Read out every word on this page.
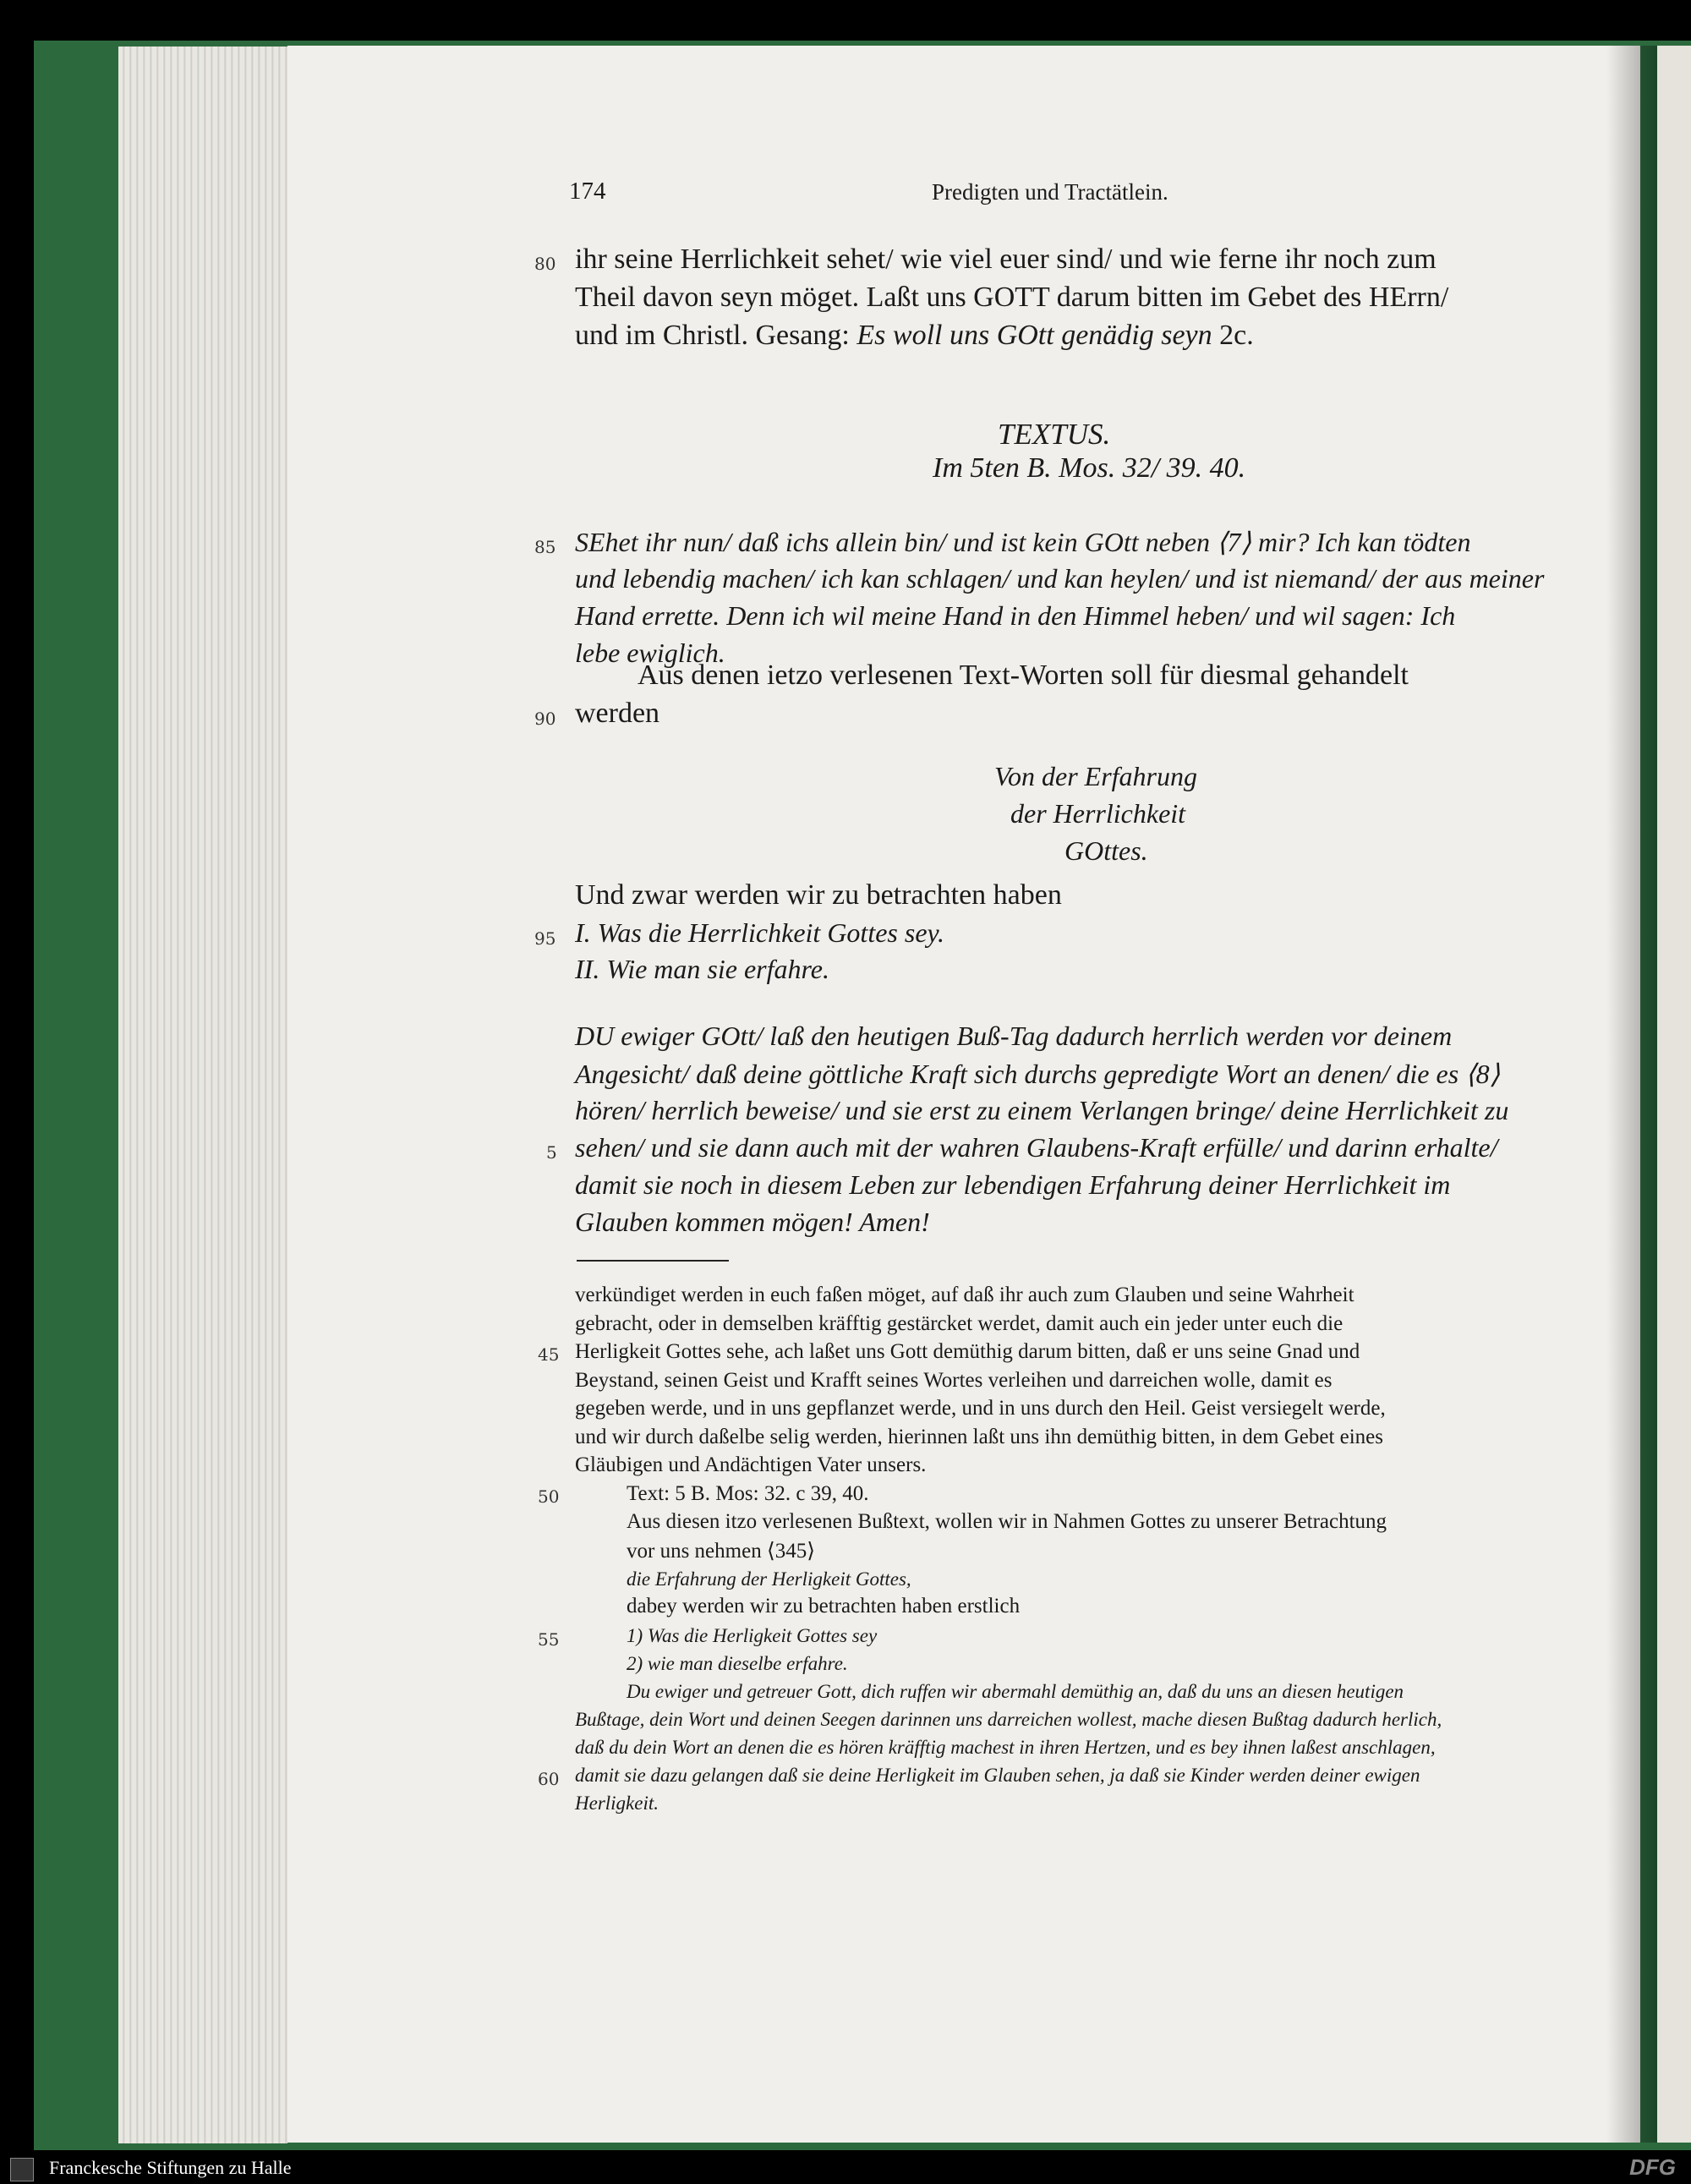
174	Predigten und Tractätlein.
80 ihr seine Herrlichkeit sehet/ wie viel euer sind/ und wie ferne ihr noch zum
Theil davon seyn möget. Laßt uns GOTT darum bitten im Gebet des HErrn/
und im Christl. Gesang: Es woll uns GOtt genädig seyn 2c.
TEXTUS.
Im 5ten B. Mos. 32/ 39. 40.
85 SEhet ihr nun/ daß ichs allein bin/ und ist kein GOtt neben ⟨7⟩ mir? Ich kan tödten
und lebendig machen/ ich kan schlagen/ und kan heylen/ und ist niemand/ der aus meiner
Hand errette. Denn ich wil meine Hand in den Himmel heben/ und wil sagen: Ich
lebe ewiglich.
Aus denen ietzo verlesenen Text-Worten soll für diesmal gehandelt
90 werden
Von der Erfahrung
der Herrlichkeit
GOttes.
Und zwar werden wir zu betrachten haben
95 I. Was die Herrlichkeit Gottes sey.
II. Wie man sie erfahre.
DU ewiger GOtt/ laß den heutigen Buß-Tag dadurch herrlich werden vor deinem
Angesicht/ daß deine göttliche Kraft sich durchs gepredigte Wort an denen/ die es ⟨8⟩
hören/ herrlich beweise/ und sie erst zu einem Verlangen bringe/ deine Herrlichkeit zu
5 sehen/ und sie dann auch mit der wahren Glaubens-Kraft erfülle/ und darinn erhalte/
damit sie noch in diesem Leben zur lebendigen Erfahrung deiner Herrlichkeit im
Glauben kommen mögen! Amen!
verkündiget werden in euch faßen möget, auf daß ihr auch zum Glauben und seine Wahrheit
gebracht, oder in demselben kräfftig gestärcket werdet, damit auch ein jeder unter euch die
45 Herligkeit Gottes sehe, ach laßet uns Gott demüthig darum bitten, daß er uns seine Gnad und
Beystand, seinen Geist und Krafft seines Wortes verleihen und darreichen wolle, damit es
gegeben werde, und in uns gepflanzet werde, und in uns durch den Heil. Geist versiegelt werde,
und wir durch daßelbe selig werden, hierinnen laßt uns ihn demüthig bitten, in dem Gebet eines
Gläubigen und Andächtigen Vater unsers.
50	Text: 5 B. Mos: 32. c 39, 40.
Aus diesen itzo verlesenen Bußtext, wollen wir in Nahmen Gottes zu unserer Betrachtung
vor uns nehmen ⟨345⟩
die Erfahrung der Herligkeit Gottes,
dabey werden wir zu betrachten haben erstlich
55	1) Was die Herligkeit Gottes sey
2) wie man dieselbe erfahre.
Du ewiger und getreuer Gott, dich ruffen wir abermahl demüthig an, daß du uns an diesen heutigen
Bußtage, dein Wort und deinen Seegen darinnen uns darreichen wollest, mache diesen Bußtag dadurch herlich,
daß du dein Wort an denen die es hören kräfftig machest in ihren Hertzen, und es bey ihnen laßest anschlagen,
60 damit sie dazu gelangen daß sie deine Herligkeit im Glauben sehen, ja daß sie Kinder werden deiner ewigen
Herligkeit.
Franckesche Stiftungen zu Halle	DFG
